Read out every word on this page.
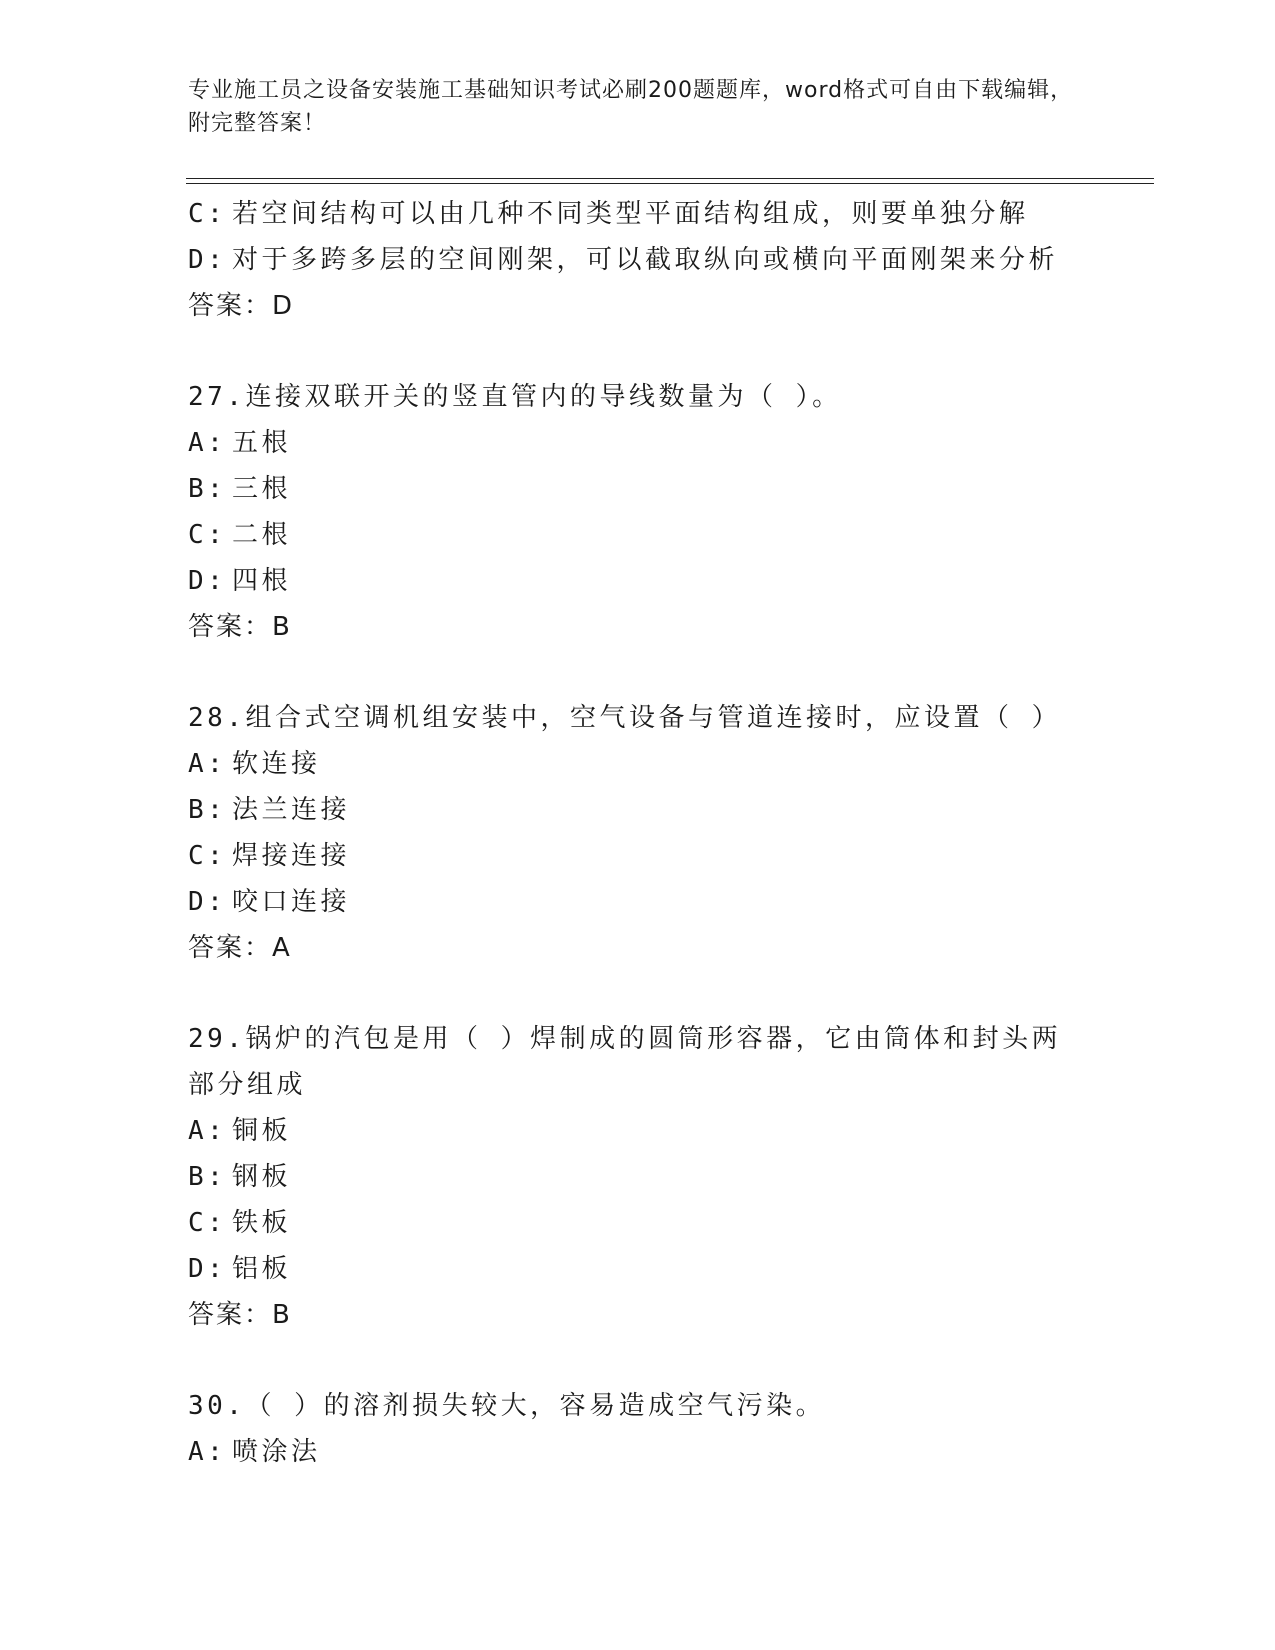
专业施工员之设备安装施工基础知识考试必刷200题题库，word格式可自由下载编辑，附完整答案！
C: 若空间结构可以由几种不同类型平面结构组成，则要单独分解
D: 对于多跨多层的空间刚架，可以截取纵向或横向平面刚架来分析
答案：D
27.连接双联开关的竖直管内的导线数量为（ ）。
A: 五根
B: 三根
C: 二根
D: 四根
答案：B
28.组合式空调机组安装中，空气设备与管道连接时，应设置（ ）
A: 软连接
B: 法兰连接
C: 焊接连接
D: 咬口连接
答案：A
29.锅炉的汽包是用（ ）焊制成的圆筒形容器，它由筒体和封头两部分组成
A: 铜板
B: 钢板
C: 铁板
D: 铝板
答案：B
30.（ ）的溶剂损失较大，容易造成空气污染。
A: 喷涂法
